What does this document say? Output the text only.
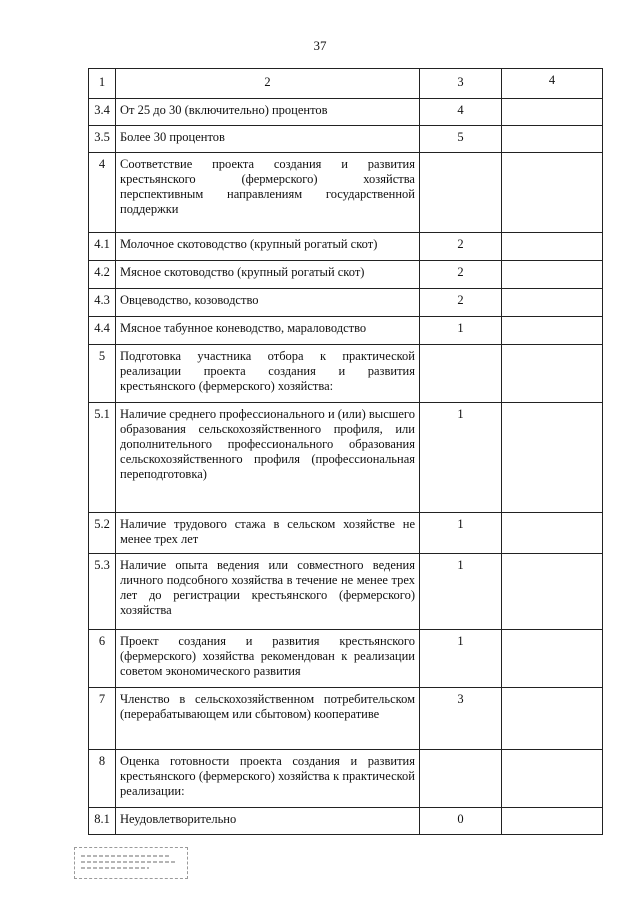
37
1	2	3	4
3.4	От 25 до 30 (включительно) процентов	4	
3.5	Более 30 процентов	5	
4	Соответствие проекта создания и развития крестьянского (фермерского) хозяйства перспективным направлениям государственной поддержки		
4.1	Молочное скотоводство (крупный рогатый скот)	2	
4.2	Мясное скотоводство (крупный рогатый скот)	2	
4.3	Овцеводство, козоводство	2	
4.4	Мясное табунное коневодство, мараловодство	1	
5	Подготовка участника отбора к практической реализации проекта создания и развития крестьянского (фермерского) хозяйства:		
5.1	Наличие среднего профессионального и (или) высшего образования сельскохозяйственного профиля, или дополнительного профессионального образования сельскохозяйственного профиля (профессиональная переподготовка)	1	
5.2	Наличие трудового стажа в сельском хозяйстве не менее трех лет	1	
5.3	Наличие опыта ведения или совместного ведения личного подсобного хозяйства в течение не менее трех лет до регистрации крестьянского (фермерского) хозяйства	1	
6	Проект создания и развития крестьянского (фермерского) хозяйства рекомендован к реализации советом экономического развития	1	
7	Членство в сельскохозяйственном потребительском (перерабатывающем или сбытовом) кооперативе	3	
8	Оценка готовности проекта создания и развития крестьянского (фермерского) хозяйства к практической реализации:		
8.1	Неудовлетворительно	0	
